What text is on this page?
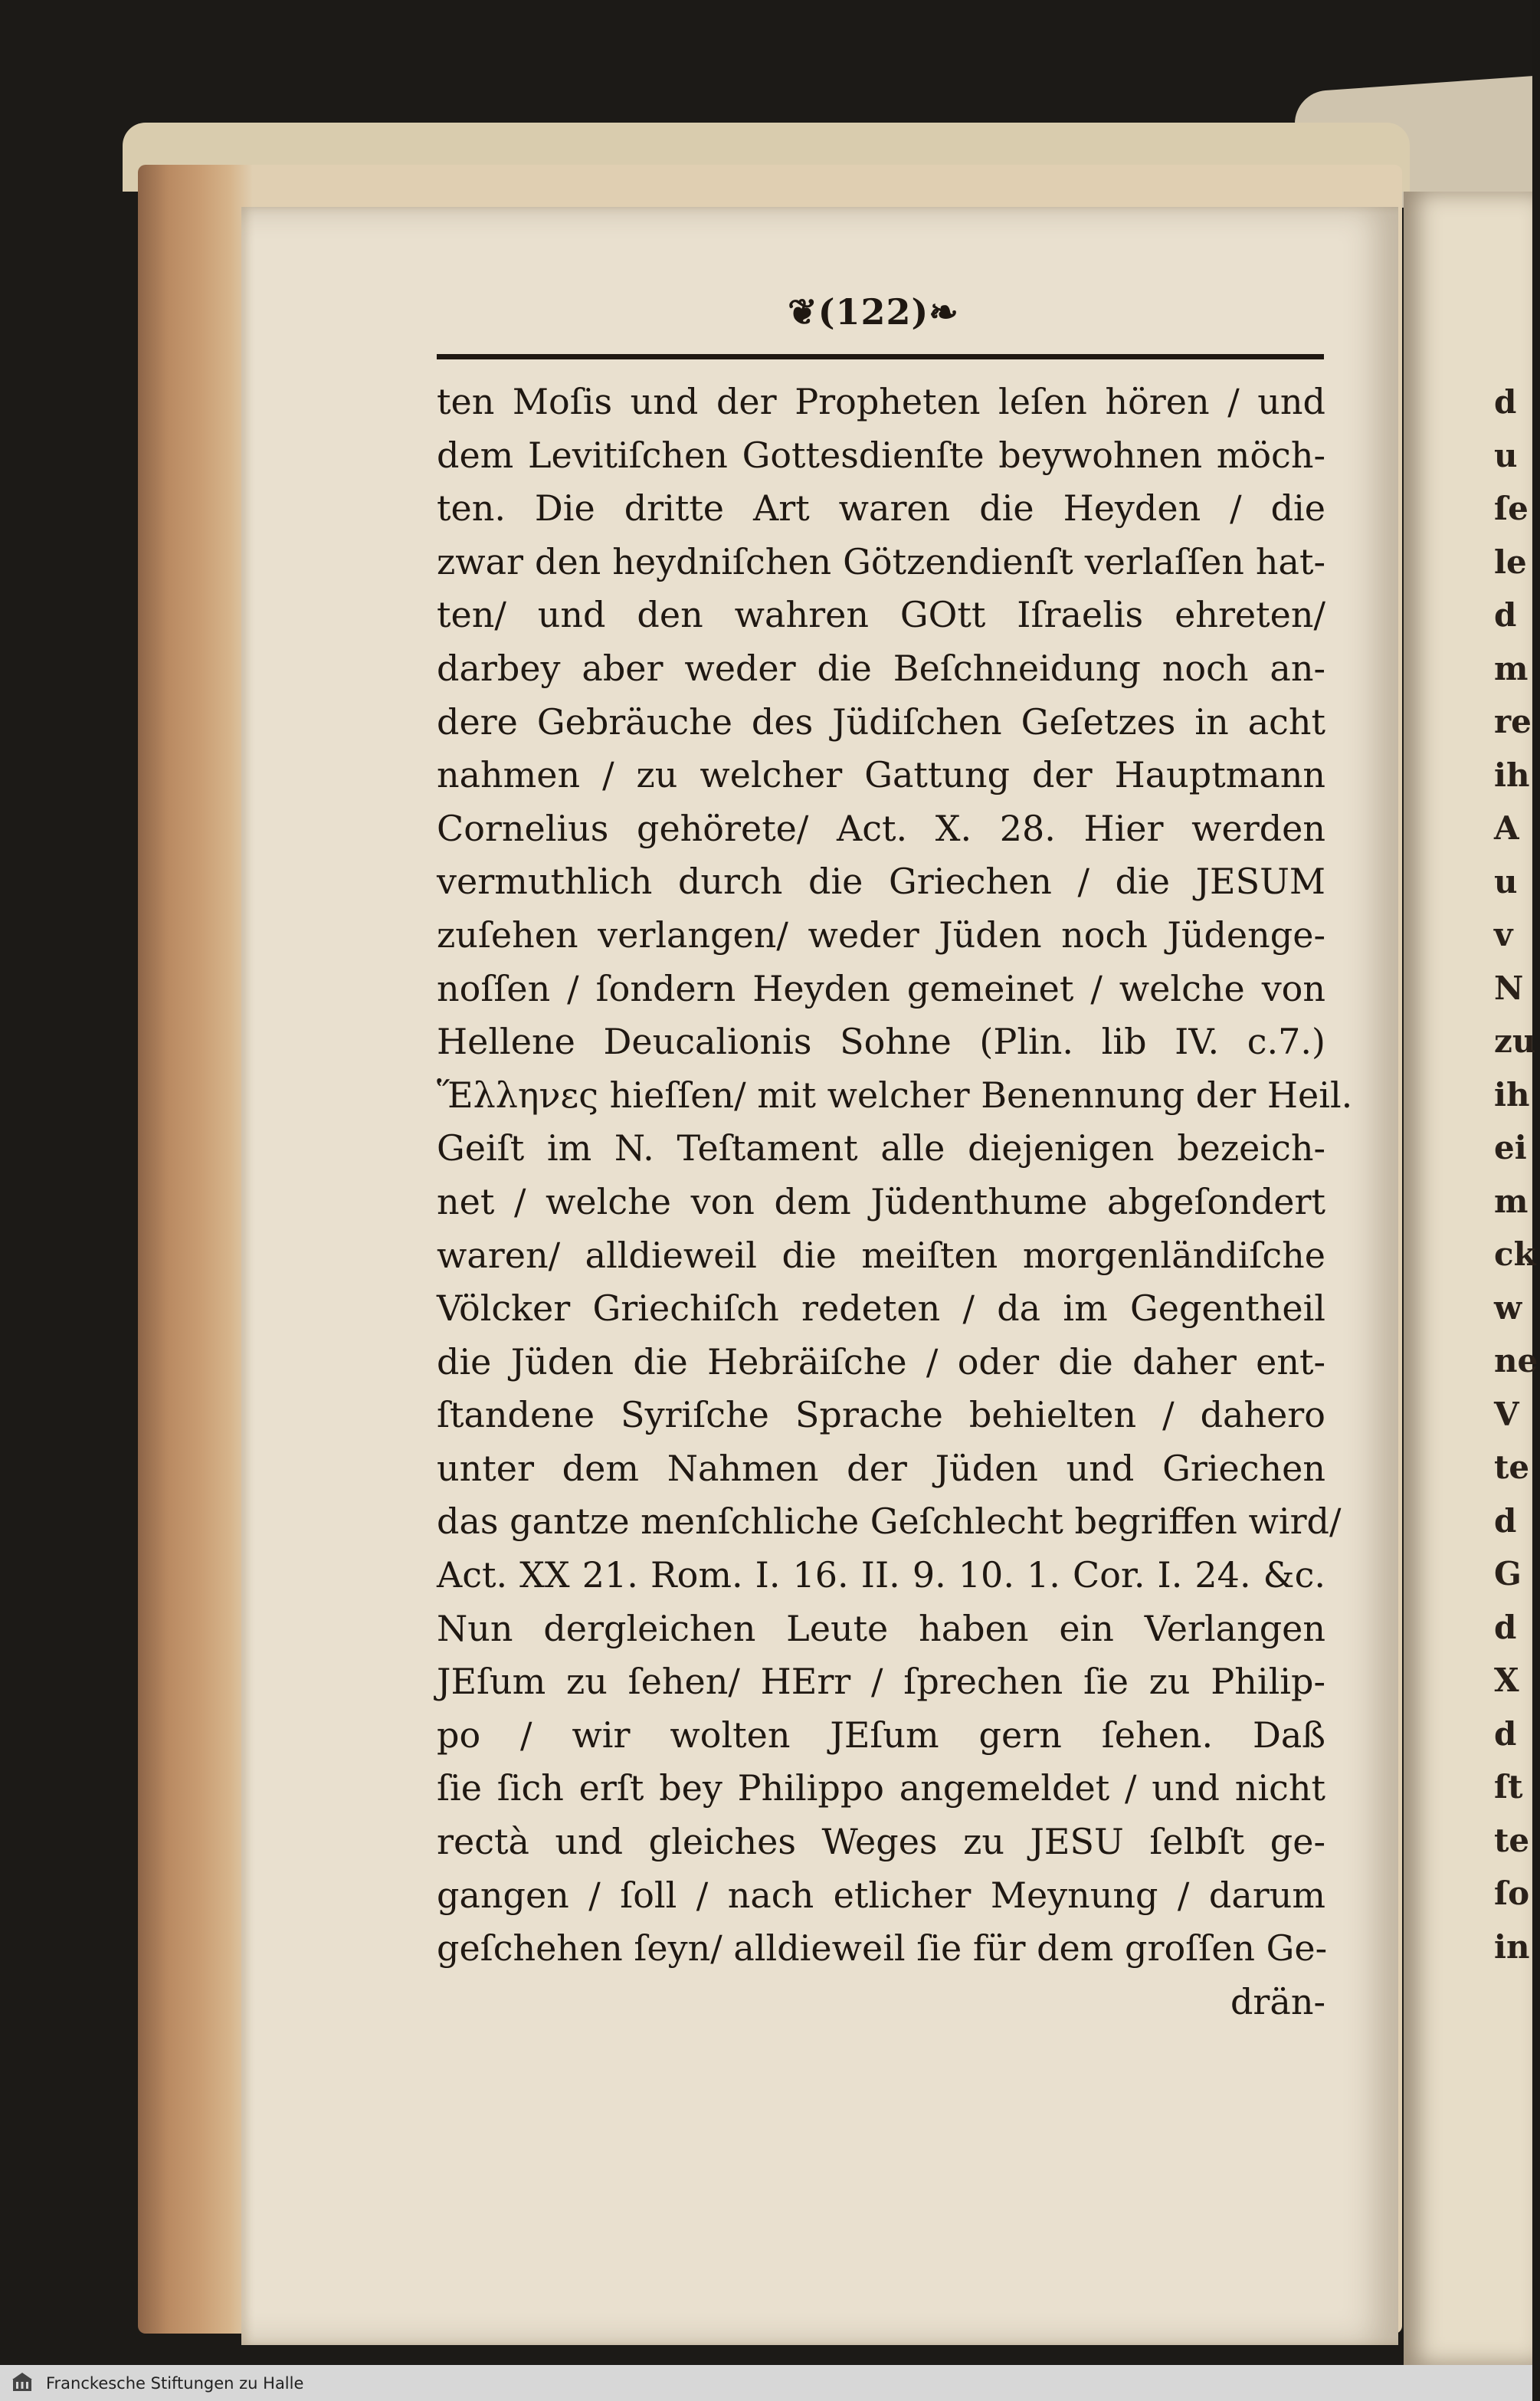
d
u
ſe
le
d
m
re
ih
A
u
v
N
zu
ih
ei
m
ck
w
ne
V
te
d
G
d
X
d
ſt
te
ſo
in
❦(122)❧
ten Moſis und der Propheten leſen hören / und
dem Levitiſchen Gottesdienſte beywohnen möch-
ten. Die dritte Art waren die Heyden / die
zwar den heydniſchen Götzendienſt verlaſſen hat-
ten/ und den wahren GOtt Iſraelis ehreten/
darbey aber weder die Beſchneidung noch an-
dere Gebräuche des Jüdiſchen Geſetzes in acht
nahmen / zu welcher Gattung der Hauptmann
Cornelius gehörete/ Act. X. 28. Hier werden
vermuthlich durch die Griechen / die JESUM
zuſehen verlangen/ weder Jüden noch Jüdenge-
noſſen / ſondern Heyden gemeinet / welche von
Hellene Deucalionis Sohne (Plin. lib IV. c.7.)
Ἕλληνες hieſſen/ mit welcher Benennung der Heil.
Geiſt im N. Teſtament alle diejenigen bezeich-
net / welche von dem Jüdenthume abgeſondert
waren/ alldieweil die meiſten morgenländiſche
Völcker Griechiſch redeten / da im Gegentheil
die Jüden die Hebräiſche / oder die daher ent-
ſtandene Syriſche Sprache behielten / dahero
unter dem Nahmen der Jüden und Griechen
das gantze menſchliche Geſchlecht begriffen wird/
Act. XX 21. Rom. I. 16. II. 9. 10. 1. Cor. I. 24. &c.
Nun dergleichen Leute haben ein Verlangen
JEſum zu ſehen/ HErr / ſprechen ſie zu Philip-
po / wir wolten JEſum gern ſehen. Daß
ſie ſich erſt bey Philippo angemeldet / und nicht
rectà und gleiches Weges zu JESU ſelbſt ge-
gangen / ſoll / nach etlicher Meynung / darum
geſchehen ſeyn/ alldieweil ſie für dem groſſen Ge-
drän-
Franckesche Stiftungen zu Halle
